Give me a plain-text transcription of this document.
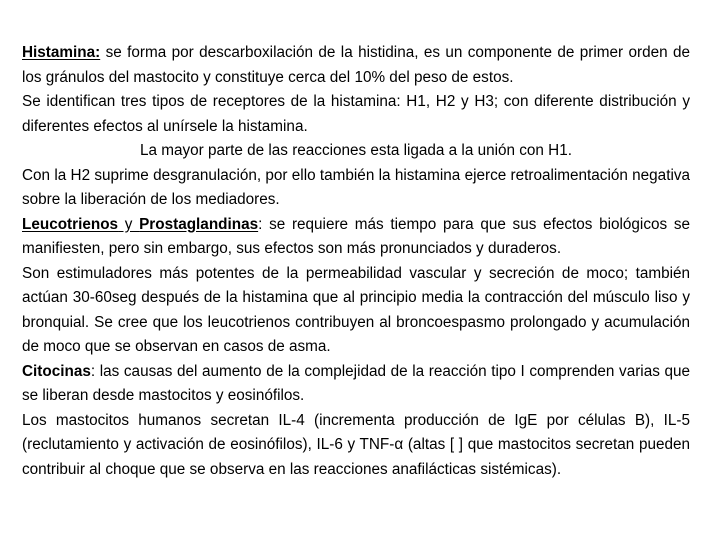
Histamina: se forma por descarboxilación de la histidina, es un componente de primer orden de los gránulos del mastocito y constituye cerca del 10% del peso de estos.

Se identifican tres tipos de receptores de la histamina: H1, H2 y H3; con diferente distribución y diferentes efectos al unírsele la histamina.

La mayor parte de las reacciones esta ligada a la unión con H1.

Con la H2 suprime desgranulación, por ello también la histamina ejerce retroalimentación negativa sobre la liberación de los mediadores.

Leucotrienos y Prostaglandinas: se requiere más tiempo para que sus efectos biológicos se manifiesten, pero sin embargo, sus efectos son más pronunciados y duraderos.

Son estimuladores más potentes de la permeabilidad vascular y secreción de moco; también actúan 30-60seg después de la histamina que al principio media la contracción del músculo liso y bronquial. Se cree que los leucotrienos contribuyen al broncoespasmo prolongado y acumulación de moco que se observan en casos de asma.

Citocinas: las causas del aumento de la complejidad de la reacción tipo I comprenden varias que se liberan desde mastocitos y eosinófilos.

Los mastocitos humanos secretan IL-4 (incrementa producción de IgE por células B), IL-5 (reclutamiento y activación de eosinófilos), IL-6 y TNF-α (altas [ ] que mastocitos secretan pueden contribuir al choque que se observa en las reacciones anafilácticas sistémicas).
